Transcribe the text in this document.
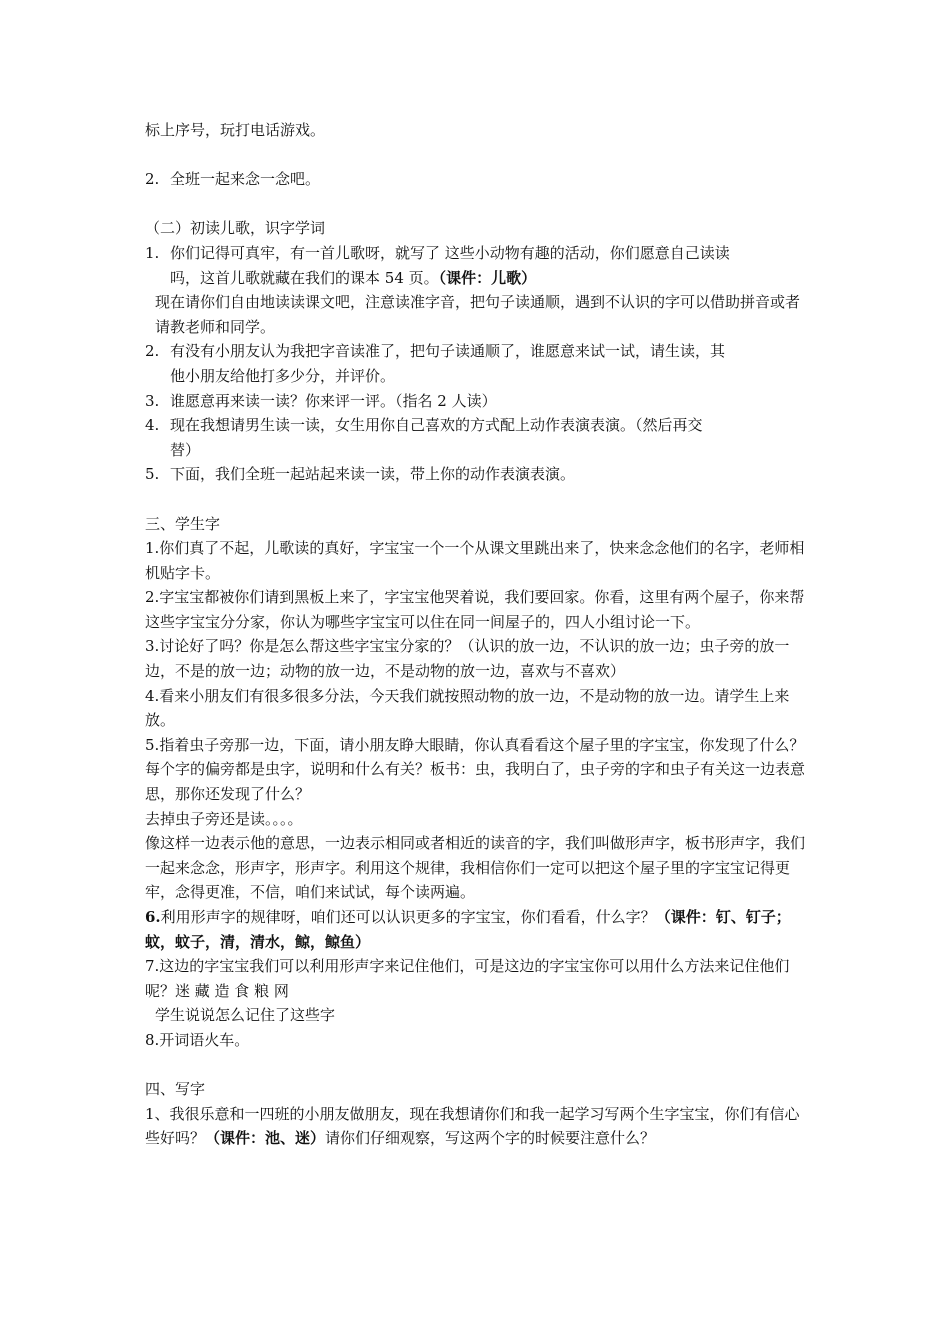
标上序号，玩打电话游戏。

2. 全班一起来念一念吧。

（二）初读儿歌，识字学词

1. 你们记得可真牢，有一首儿歌呀，就写了 这些小动物有趣的活动，你们愿意自己读读
吗，这首儿歌就藏在我们的课本 54 页。（课件：儿歌）

现在请你们自由地读读课文吧，注意读准字音，把句子读通顺，遇到不认识的字可以借助拼音或者请教老师和同学。

2. 有没有小朋友认为我把字音读准了，把句子读通顺了，谁愿意来试一试，请生读，其
他小朋友给他打多少分，并评价。

3. 谁愿意再来读一读？你来评一评。（指名 2 人读）

4. 现在我想请男生读一读，女生用你自己喜欢的方式配上动作表演表演。（然后再交
替）

5. 下面，我们全班一起站起来读一读，带上你的动作表演表演。

三、学生字

1.你们真了不起，儿歌读的真好，字宝宝一个一个从课文里跳出来了，快来念念他们的名字，老师相机贴字卡。

2.字宝宝都被你们请到黑板上来了，字宝宝他哭着说，我们要回家。你看，这里有两个屋子，你来帮这些字宝宝分分家，你认为哪些字宝宝可以住在同一间屋子的，四人小组讨论一下。

3.讨论好了吗？你是怎么帮这些字宝宝分家的？（认识的放一边，不认识的放一边；虫子旁的放一边，不是的放一边；动物的放一边，不是动物的放一边，喜欢与不喜欢）

4.看来小朋友们有很多很多分法，今天我们就按照动物的放一边，不是动物的放一边。请学生上来放。

5.指着虫子旁那一边，下面，请小朋友睁大眼睛，你认真看看这个屋子里的字宝宝，你发现了什么？

每个字的偏旁都是虫字，说明和什么有关？板书：虫，我明白了，虫子旁的字和虫子有关这一边表意思，那你还发现了什么？

去掉虫子旁还是读。。。。

像这样一边表示他的意思，一边表示相同或者相近的读音的字，我们叫做形声字，板书形声字，我们一起来念念，形声字，形声字。利用这个规律，我相信你们一定可以把这个屋子里的字宝宝记得更牢，念得更准，不信，咱们来试试，每个读两遍。

6.利用形声字的规律呀，咱们还可以认识更多的字宝宝，你们看看，什么字？（课件：钉、钉子；蚊，蚊子，清，清水，鲸，鲸鱼）

7.这边的字宝宝我们可以利用形声字来记住他们，可是这边的字宝宝你可以用什么方法来记住他们呢？迷 藏 造 食 粮 网

学生说说怎么记住了这些字

8.开词语火车。

四、写字

1、我很乐意和一四班的小朋友做朋友，现在我想请你们和我一起学习写两个生字宝宝，你们有信心些好吗？（课件：池、迷）请你们仔细观察，写这两个字的时候要注意什么？
